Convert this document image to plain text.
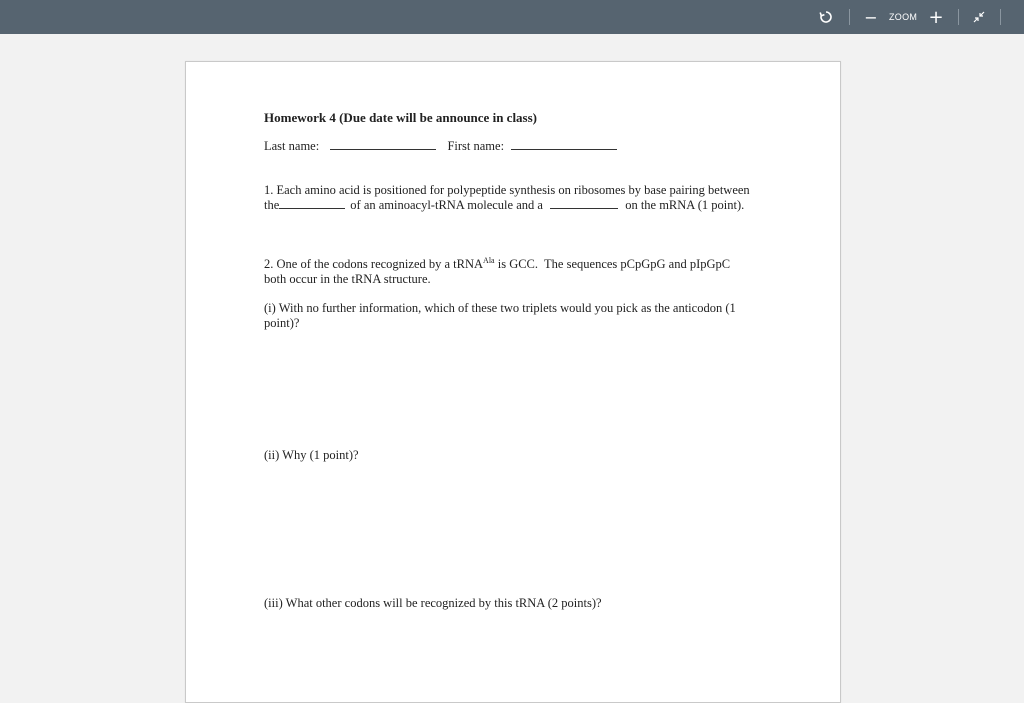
− ZOOM +
Homework 4 (Due date will be announce in class)
Last name:	First name:
1. Each amino acid is positioned for polypeptide synthesis on ribosomes by base pairing between
the	of an aminoacyl-tRNA molecule and a	on the mRNA (1 point).
2. One of the codons recognized by a tRNA$^{Ala}$ is GCC.  The sequences pCpGpG and pIpGpC
both occur in the tRNA structure.
(i) With no further information, which of these two triplets would you pick as the anticodon (1
point)?
(ii) Why (1 point)?
(iii) What other codons will be recognized by this tRNA (2 points)?
